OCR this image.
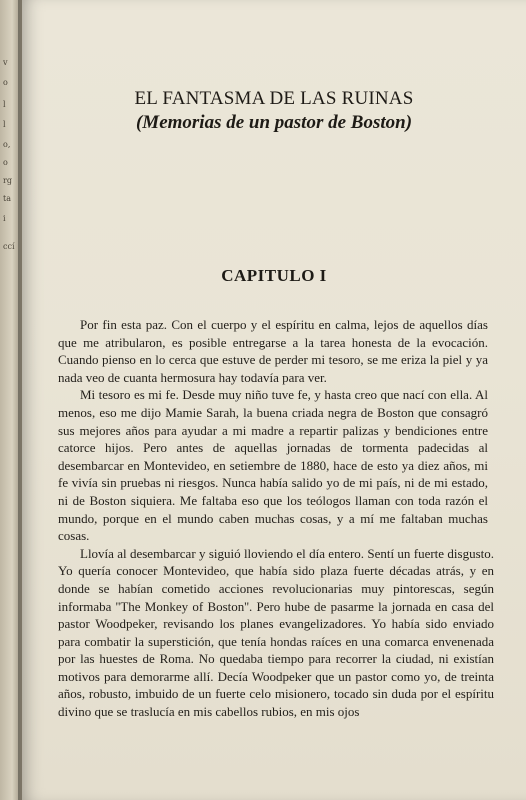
v
o
l
l
o,
o
rg
ta
i
ccí
EL FANTASMA DE LAS RUINAS
(Memorias de un pastor de Boston)
CAPITULO I

Por fin esta paz. Con el cuerpo y el espíritu en calma, lejos de aquellos días que me atribularon, es posible entregarse a la tarea honesta de la evocación. Cuando pienso en lo cerca que estuve de perder mi tesoro, se me eriza la piel y ya nada veo de cuanta hermosura hay todavía para ver.

Mi tesoro es mi fe. Desde muy niño tuve fe, y hasta creo que nací con ella. Al menos, eso me dijo Mamie Sarah, la buena criada negra de Boston que consagró sus mejores años para ayudar a mi madre a repartir palizas y bendiciones entre catorce hijos. Pero antes de aquellas jornadas de tormenta padecidas al desembarcar en Montevideo, en setiembre de 1880, hace de esto ya diez años, mi fe vivía sin pruebas ni riesgos. Nunca había salido yo de mi país, ni de mi estado, ni de Boston siquiera. Me faltaba eso que los teólogos llaman con toda razón el mundo, porque en el mundo caben muchas cosas, y a mí me faltaban muchas cosas.

Llovía al desembarcar y siguió lloviendo el día entero. Sentí un fuerte disgusto. Yo quería conocer Montevideo, que había sido plaza fuerte décadas atrás, y en donde se habían cometido acciones revolucionarias muy pintorescas, según informaba ''The Monkey of Boston''. Pero hube de pasarme la jornada en casa del pastor Woodpeker, revisando los planes evangelizadores. Yo había sido enviado para combatir la superstición, que tenía hondas raíces en una comarca envenenada por las huestes de Roma. No quedaba tiempo para recorrer la ciudad, ni existían motivos para demorarme allí. Decía Woodpeker que un pastor como yo, de treinta años, robusto, imbuido de un fuerte celo misionero, tocado sin duda por el espíritu divino que se traslucía en mis cabellos rubios, en mis ojos
